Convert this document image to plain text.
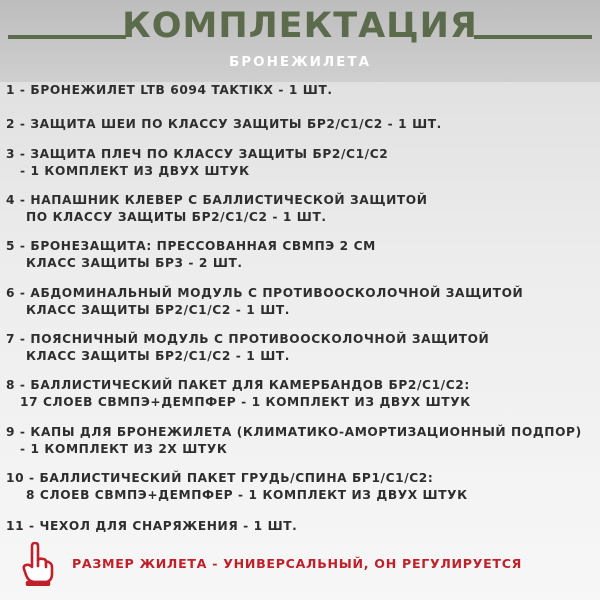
КОМПЛЕКТАЦИЯ
БРОНЕЖИЛЕТА
1 - БРОНЕЖИЛЕТ LTB 6094 TAKTIKX - 1 ШТ.
2 - ЗАЩИТА ШЕИ ПО КЛАССУ ЗАЩИТЫ БР2/С1/С2 - 1 ШТ.
3 - ЗАЩИТА ПЛЕЧ ПО КЛАССУ ЗАЩИТЫ БР2/С1/С2
- 1 КОМПЛЕКТ ИЗ ДВУХ ШТУК
4 - НАПАШНИК КЛЕВЕР С БАЛЛИСТИЧЕСКОЙ ЗАЩИТОЙ
ПО КЛАССУ ЗАЩИТЫ БР2/С1/С2 - 1 ШТ.
5 - БРОНЕЗАЩИТА: ПРЕССОВАННАЯ СВМПЭ 2 СМ
КЛАСС ЗАЩИТЫ БР3 - 2 ШТ.
6 - АБДОМИНАЛЬНЫЙ МОДУЛЬ С ПРОТИВООСКОЛОЧНОЙ ЗАЩИТОЙ
КЛАСС ЗАЩИТЫ БР2/С1/С2 - 1 ШТ.
7 - ПОЯСНИЧНЫЙ МОДУЛЬ С ПРОТИВООСКОЛОЧНОЙ ЗАЩИТОЙ
КЛАСС ЗАЩИТЫ БР2/С1/С2 - 1 ШТ.
8 - БАЛЛИСТИЧЕСКИЙ ПАКЕТ ДЛЯ КАМЕРБАНДОВ БР2/С1/С2:
17 СЛОЕВ СВМПЭ+ДЕМПФЕР - 1 КОМПЛЕКТ ИЗ ДВУХ ШТУК
9 - КАПЫ ДЛЯ БРОНЕЖИЛЕТА (КЛИМАТИКО-АМОРТИЗАЦИОННЫЙ ПОДПОР)
- 1 КОМПЛЕКТ ИЗ 2Х ШТУК
10 - БАЛЛИСТИЧЕСКИЙ ПАКЕТ ГРУДЬ/СПИНА БР1/С1/С2:
8 СЛОЕВ СВМПЭ+ДЕМПФЕР - 1 КОМПЛЕКТ ИЗ ДВУХ ШТУК
11 - ЧЕХОЛ ДЛЯ СНАРЯЖЕНИЯ - 1 ШТ.
РАЗМЕР ЖИЛЕТА - УНИВЕРСАЛЬНЫЙ, ОН РЕГУЛИРУЕТСЯ
